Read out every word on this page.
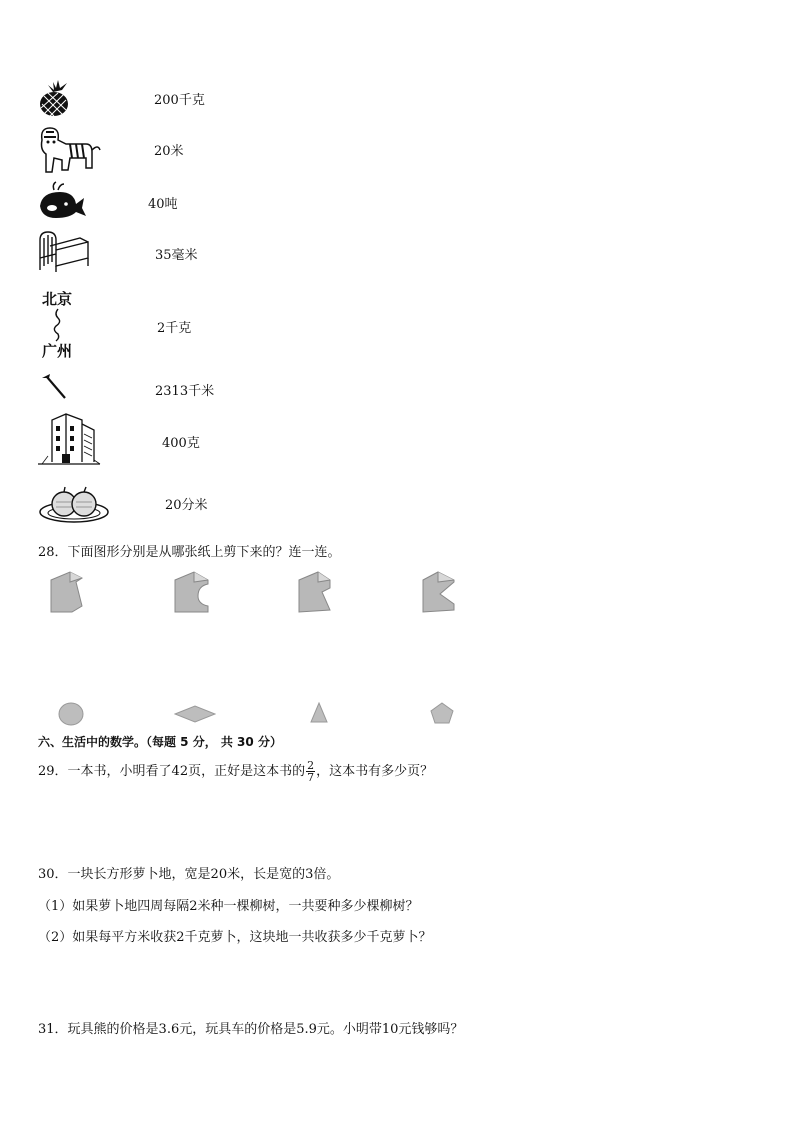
200千克
20米
40吨
35毫米
北京
广州
2千克
2313千米
400克
20分米
28．下面图形分别是从哪张纸上剪下来的？连一连。
六、生活中的数学。（每题 5 分， 共 30 分）
29．一本书，小明看了42页，正好是这本书的 $\frac{2}{7}$ ，这本书有多少页？
30．一块长方形萝卜地，宽是20米，长是宽的3倍。
（1）如果萝卜地四周每隔2米种一棵柳树，一共要种多少棵柳树？
（2）如果每平方米收获2千克萝卜，这块地一共收获多少千克萝卜？
31．玩具熊的价格是3.6元，玩具车的价格是5.9元。小明带10元钱够吗？
